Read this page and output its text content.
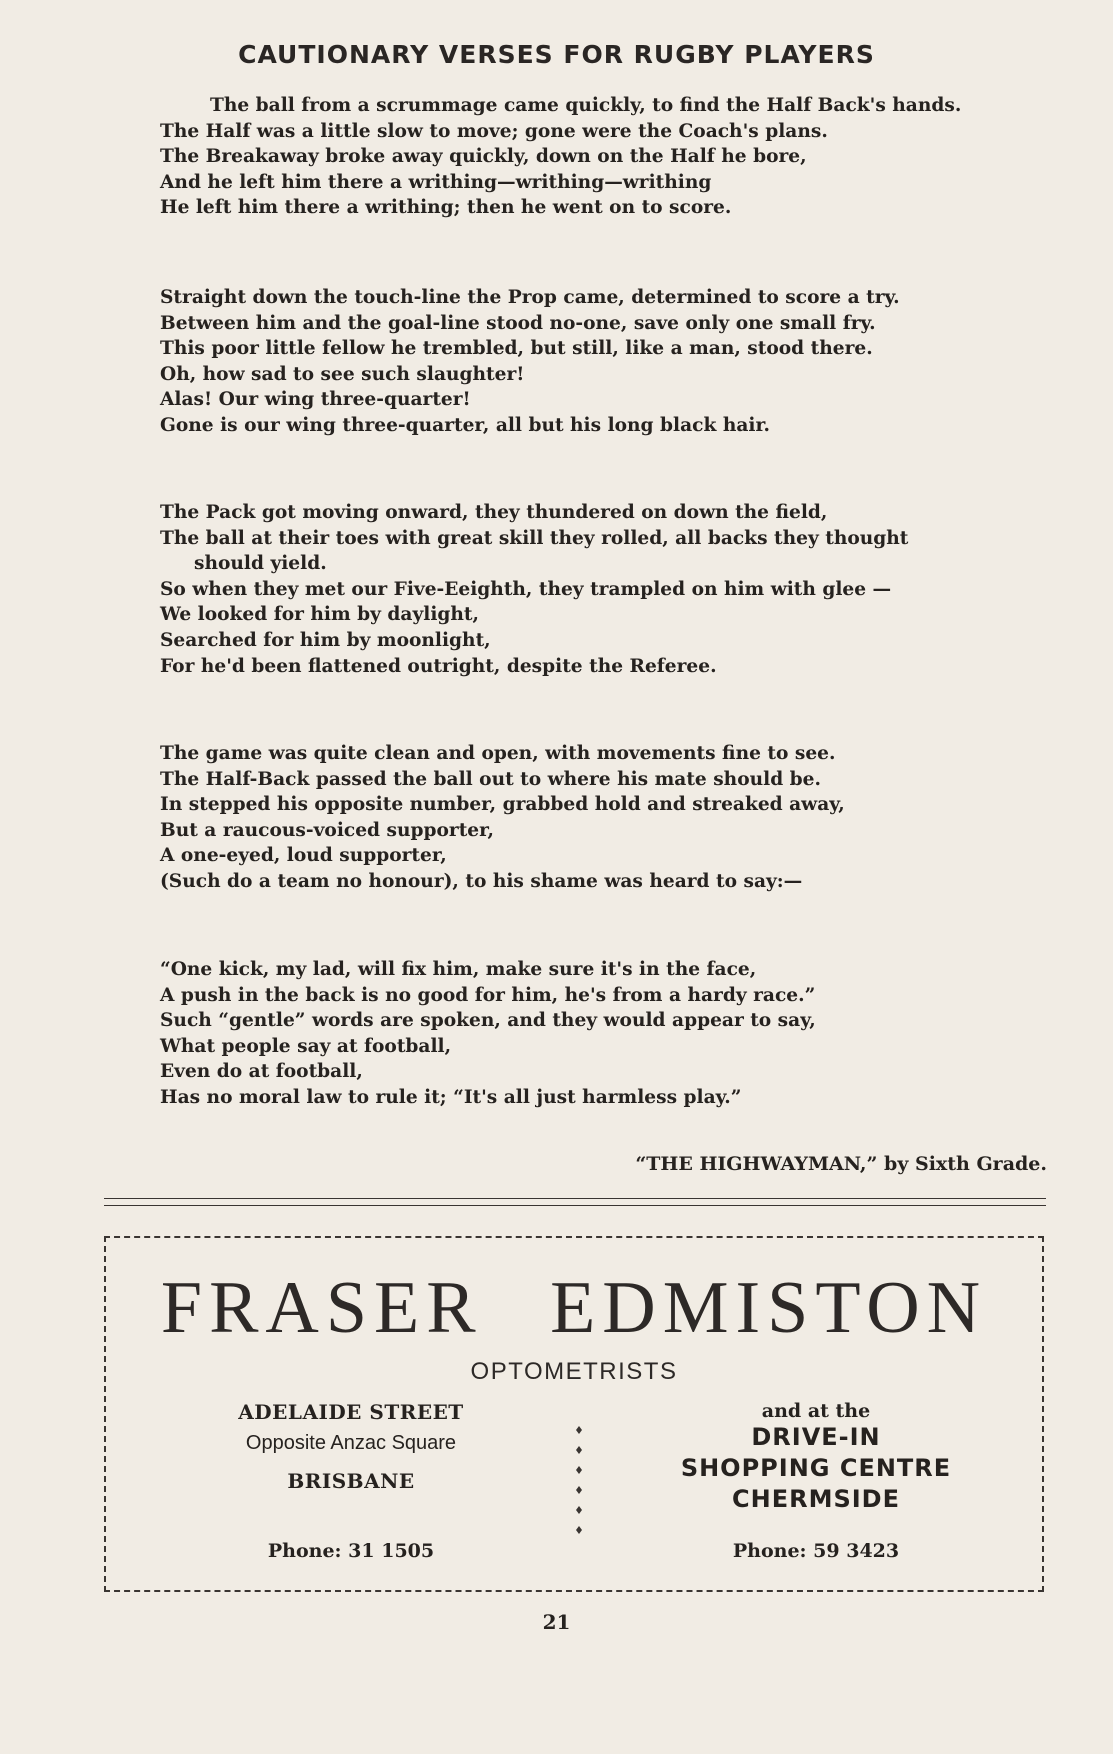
CAUTIONARY VERSES FOR RUGBY PLAYERS
The ball from a scrummage came quickly, to find the Half Back's hands.
The Half was a little slow to move; gone were the Coach's plans.
The Breakaway broke away quickly, down on the Half he bore,
And he left him there a writhing—writhing—writhing
He left him there a writhing; then he went on to score.
Straight down the touch-line the Prop came, determined to score a try.
Between him and the goal-line stood no-one, save only one small fry.
This poor little fellow he trembled, but still, like a man, stood there.
Oh, how sad to see such slaughter!
Alas! Our wing three-quarter!
Gone is our wing three-quarter, all but his long black hair.
The Pack got moving onward, they thundered on down the field,
The ball at their toes with great skill they rolled, all backs they thought
should yield.
So when they met our Five-Eeighth, they trampled on him with glee —
We looked for him by daylight,
Searched for him by moonlight,
For he'd been flattened outright, despite the Referee.
The game was quite clean and open, with movements fine to see.
The Half-Back passed the ball out to where his mate should be.
In stepped his opposite number, grabbed hold and streaked away,
But a raucous-voiced supporter,
A one-eyed, loud supporter,
(Such do a team no honour), to his shame was heard to say:—
“One kick, my lad, will fix him, make sure it's in the face,
A push in the back is no good for him, he's from a hardy race.”
Such “gentle” words are spoken, and they would appear to say,
What people say at football,
Even do at football,
Has no moral law to rule it; “It's all just harmless play.”
“THE HIGHWAYMAN,” by Sixth Grade.
FRASER EDMISTON
OPTOMETRISTS
ADELAIDE STREET
Opposite Anzac Square
BRISBANE
Phone: 31 1505
and at the
DRIVE-IN
SHOPPING CENTRE
CHERMSIDE
Phone: 59 3423
21
